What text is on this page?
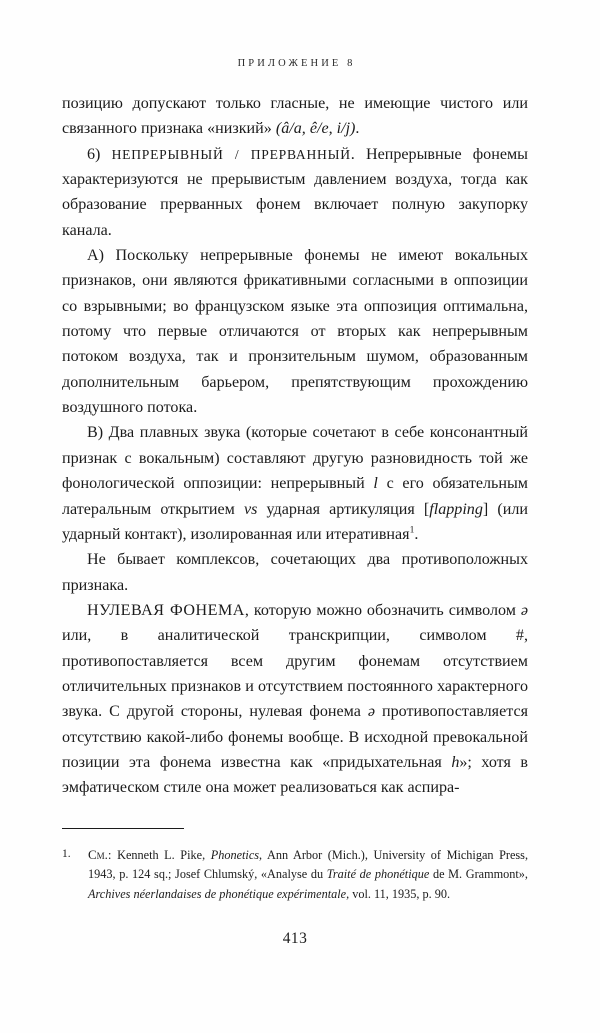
ПРИЛОЖЕНИЕ 8

позицию допускают только гласные, не имеющие чистого или связанного признака «низкий» (â/a, ê/e, i/j).

6) НЕПРЕРЫВНЫЙ / ПРЕРВАННЫЙ. Непрерывные фонемы характеризуются не прерывистым давлением воздуха, тогда как образование прерванных фонем включает полную закупорку канала.

А) Поскольку непрерывные фонемы не имеют вокальных признаков, они являются фрикативными согласными в оппозиции со взрывными; во французском языке эта оппозиция оптимальна, потому что первые отличаются от вторых как непрерывным потоком воздуха, так и пронзительным шумом, образованным дополнительным барьером, препятствующим прохождению воздушного потока.

В) Два плавных звука (которые сочетают в себе консонантный признак с вокальным) составляют другую разновидность той же фонологической оппозиции: непрерывный l с его обязательным латеральным открытием vs ударная артикуляция [flapping] (или ударный контакт), изолированная или итеративная$^1$.

Не бывает комплексов, сочетающих два противоположных признака.

НУЛЕВАЯ ФОНЕМА, которую можно обозначить символом ə или, в аналитической транскрипции, символом #, противопоставляется всем другим фонемам отсутствием отличительных признаков и отсутствием постоянного характерного звука. С другой стороны, нулевая фонема ə противопоставляется отсутствию какой-либо фонемы вообще. В исходной превокальной позиции эта фонема известна как «придыхательная h»; хотя в эмфатическом стиле она может реализоваться как аспира-

1. См.: Kenneth L. Pike, Phonetics, Ann Arbor (Mich.), University of Michigan Press, 1943, p. 124 sq.; Josef Chlumský, «Analyse du Traité de phonétique de M. Grammont», Archives néerlandaises de phonétique expérimentale, vol. 11, 1935, p. 90.
413
